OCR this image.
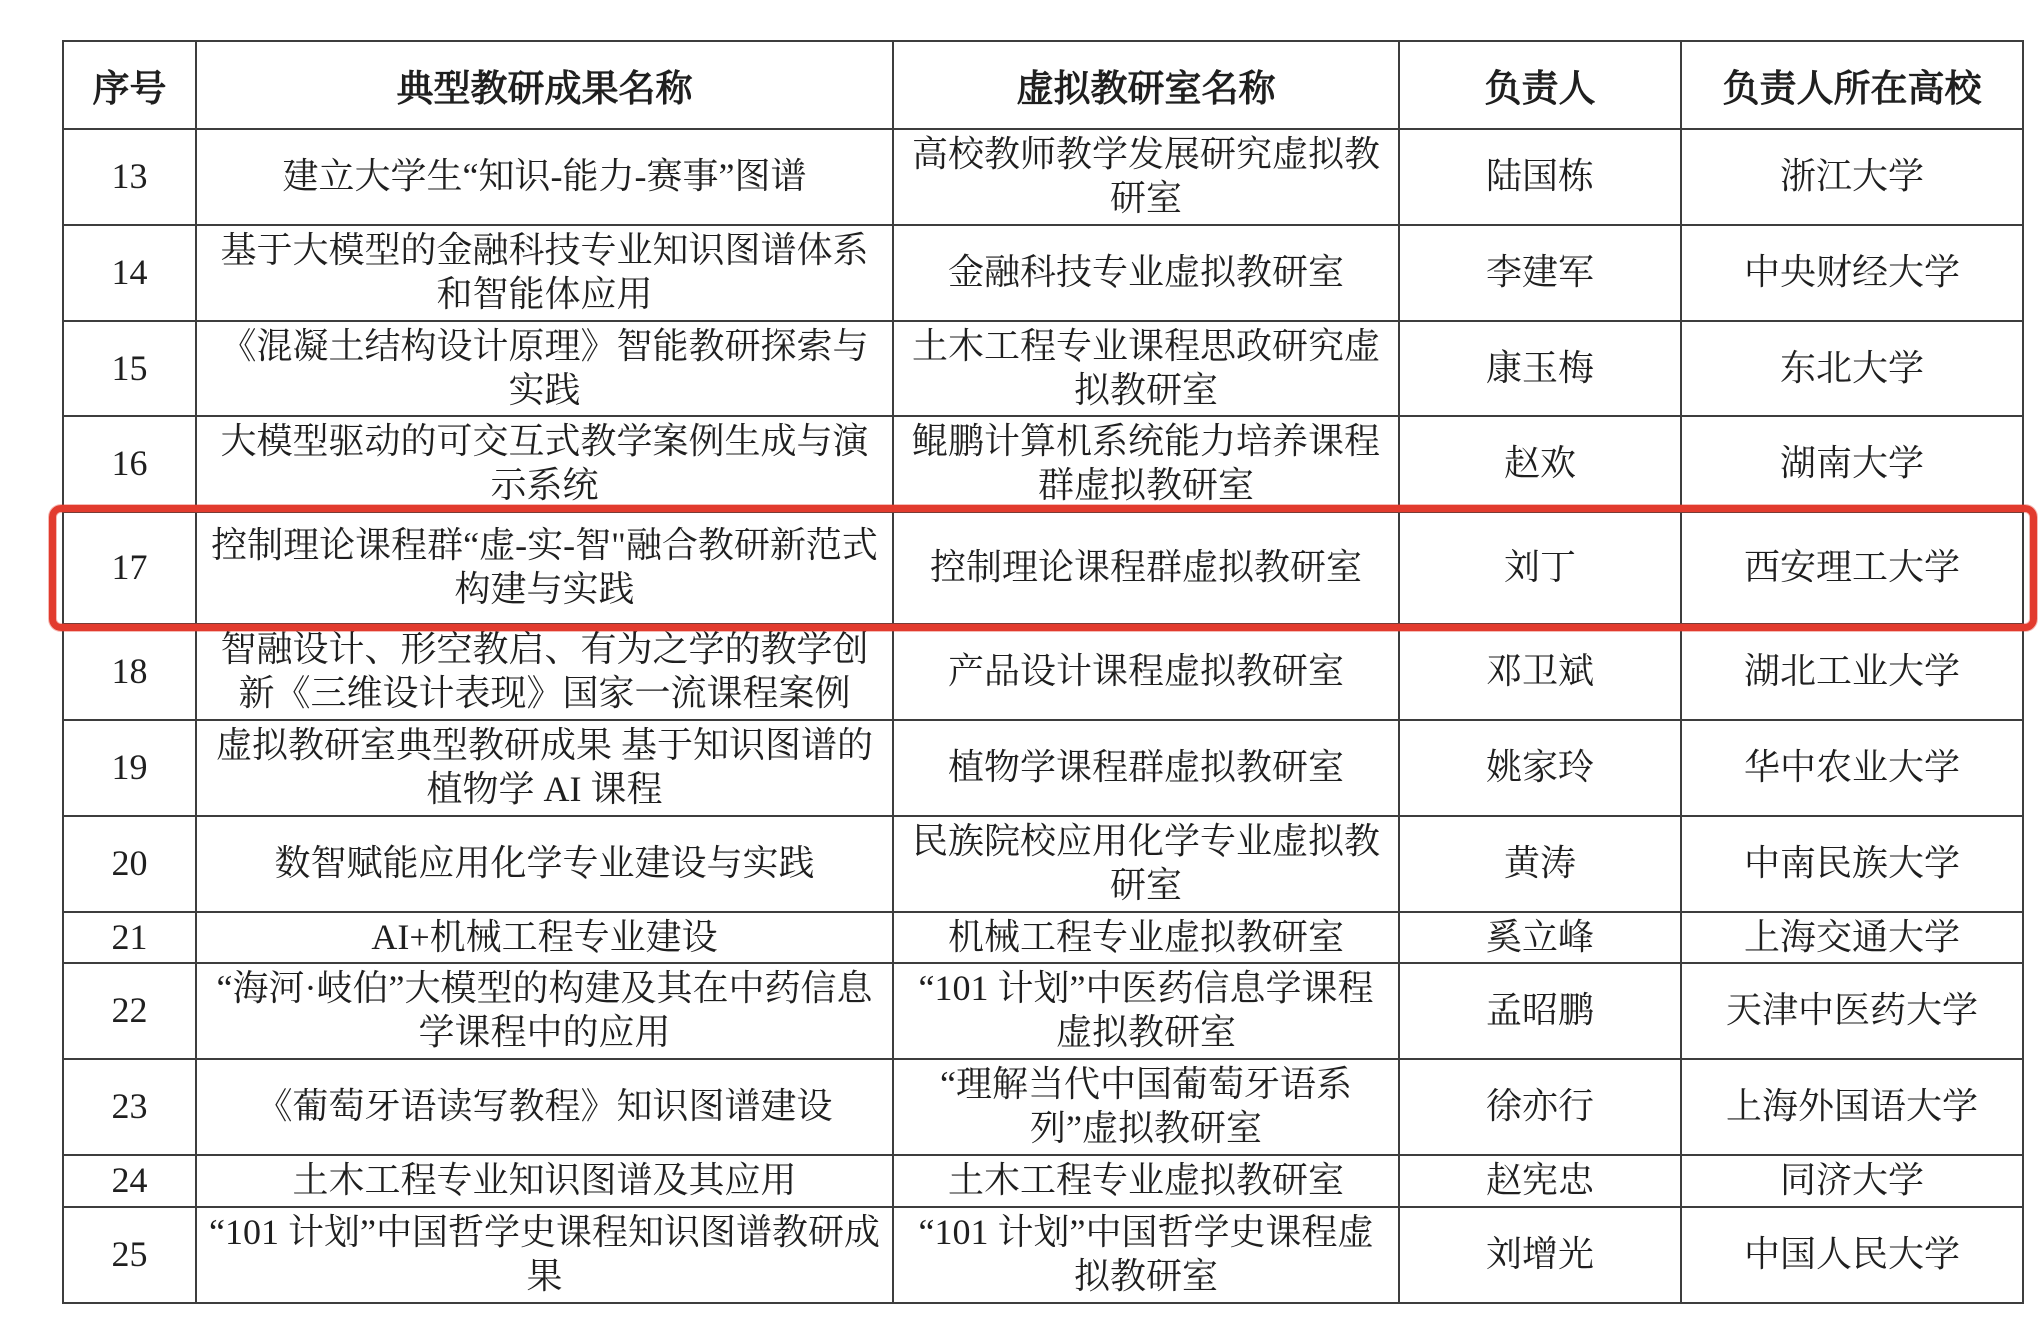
序号	典型教研成果名称	虚拟教研室名称	负责人	负责人所在高校
13	建立大学生“知识-能力-赛事”图谱	高校教师教学发展研究虚拟教研室	陆国栋	浙江大学
14	基于大模型的金融科技专业知识图谱体系和智能体应用	金融科技专业虚拟教研室	李建军	中央财经大学
15	《混凝土结构设计原理》智能教研探索与实践	土木工程专业课程思政研究虚拟教研室	康玉梅	东北大学
16	大模型驱动的可交互式教学案例生成与演示系统	鲲鹏计算机系统能力培养课程群虚拟教研室	赵欢	湖南大学
17	控制理论课程群“虚-实-智"融合教研新范式构建与实践	控制理论课程群虚拟教研室	刘丁	西安理工大学
18	智融设计、形空教启、有为之学的教学创新《三维设计表现》国家一流课程案例	产品设计课程虚拟教研室	邓卫斌	湖北工业大学
19	虚拟教研室典型教研成果 基于知识图谱的植物学 AI 课程	植物学课程群虚拟教研室	姚家玲	华中农业大学
20	数智赋能应用化学专业建设与实践	民族院校应用化学专业虚拟教研室	黄涛	中南民族大学
21	AI+机械工程专业建设	机械工程专业虚拟教研室	奚立峰	上海交通大学
22	“海河·岐伯”大模型的构建及其在中药信息学课程中的应用	“101 计划”中医药信息学课程虚拟教研室	孟昭鹏	天津中医药大学
23	《葡萄牙语读写教程》知识图谱建设	“理解当代中国葡萄牙语系列”虚拟教研室	徐亦行	上海外国语大学
24	土木工程专业知识图谱及其应用	土木工程专业虚拟教研室	赵宪忠	同济大学
25	“101 计划”中国哲学史课程知识图谱教研成果	“101 计划”中国哲学史课程虚拟教研室	刘增光	中国人民大学
